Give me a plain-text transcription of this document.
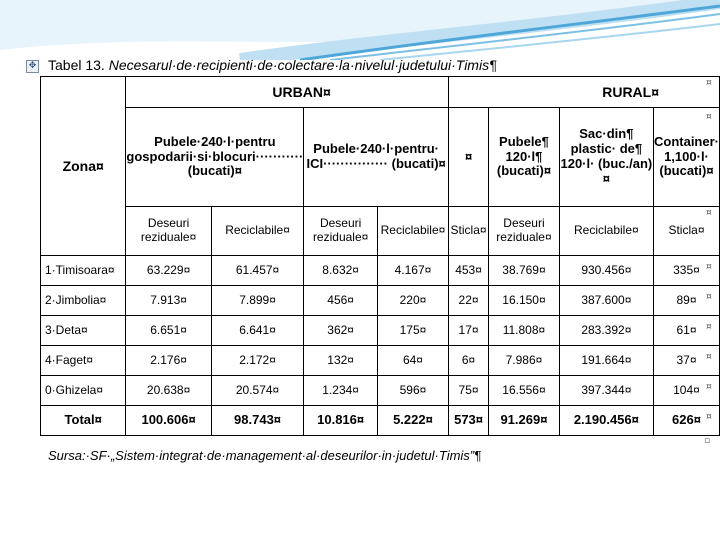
✥ Tabel 13. Necesarul·de·recipienti·de·colectare·la·nivelul·judetului·Timis¶
Zona¤	URBAN¤				RURAL¤			
	Pubele·240·l·pentru gospodarii·si·blocuri··········· (bucati)¤		Pubele·240·l·pentru· ICI··············· (bucati)¤		¤	Pubele¶ 120·l¶ (bucati)¤	Sac·din¶ plastic· de¶ 120·l· (buc./an)¤	Container· 1,100·l· (bucati)¤
	Deseuri reziduale¤	Reciclabile¤	Deseuri reziduale¤	Reciclabile¤	Sticla¤	Deseuri reziduale¤	Reciclabile¤	Sticla¤
1·Timisoara¤	63.229¤	61.457¤	8.632¤	4.167¤	453¤	38.769¤	930.456¤	335¤
2·Jimbolia¤	7.913¤	7.899¤	456¤	220¤	22¤	16.150¤	387.600¤	89¤
3·Deta¤	6.651¤	6.641¤	362¤	175¤	17¤	11.808¤	283.392¤	61¤
4·Faget¤	2.176¤	2.172¤	132¤	64¤	6¤	7.986¤	191.664¤	37¤
0·Ghizela¤	20.638¤	20.574¤	1.234¤	596¤	75¤	16.556¤	397.344¤	104¤
Total¤	100.606¤	98.743¤	10.816¤	5.222¤	573¤	91.269¤	2.190.456¤	626¤
¤
¤
¤
¤
¤
¤
¤
¤
¤
▫
Sursa:·SF·„Sistem·integrat·de·management·al·deseurilor·in·judetul·Timis”¶
